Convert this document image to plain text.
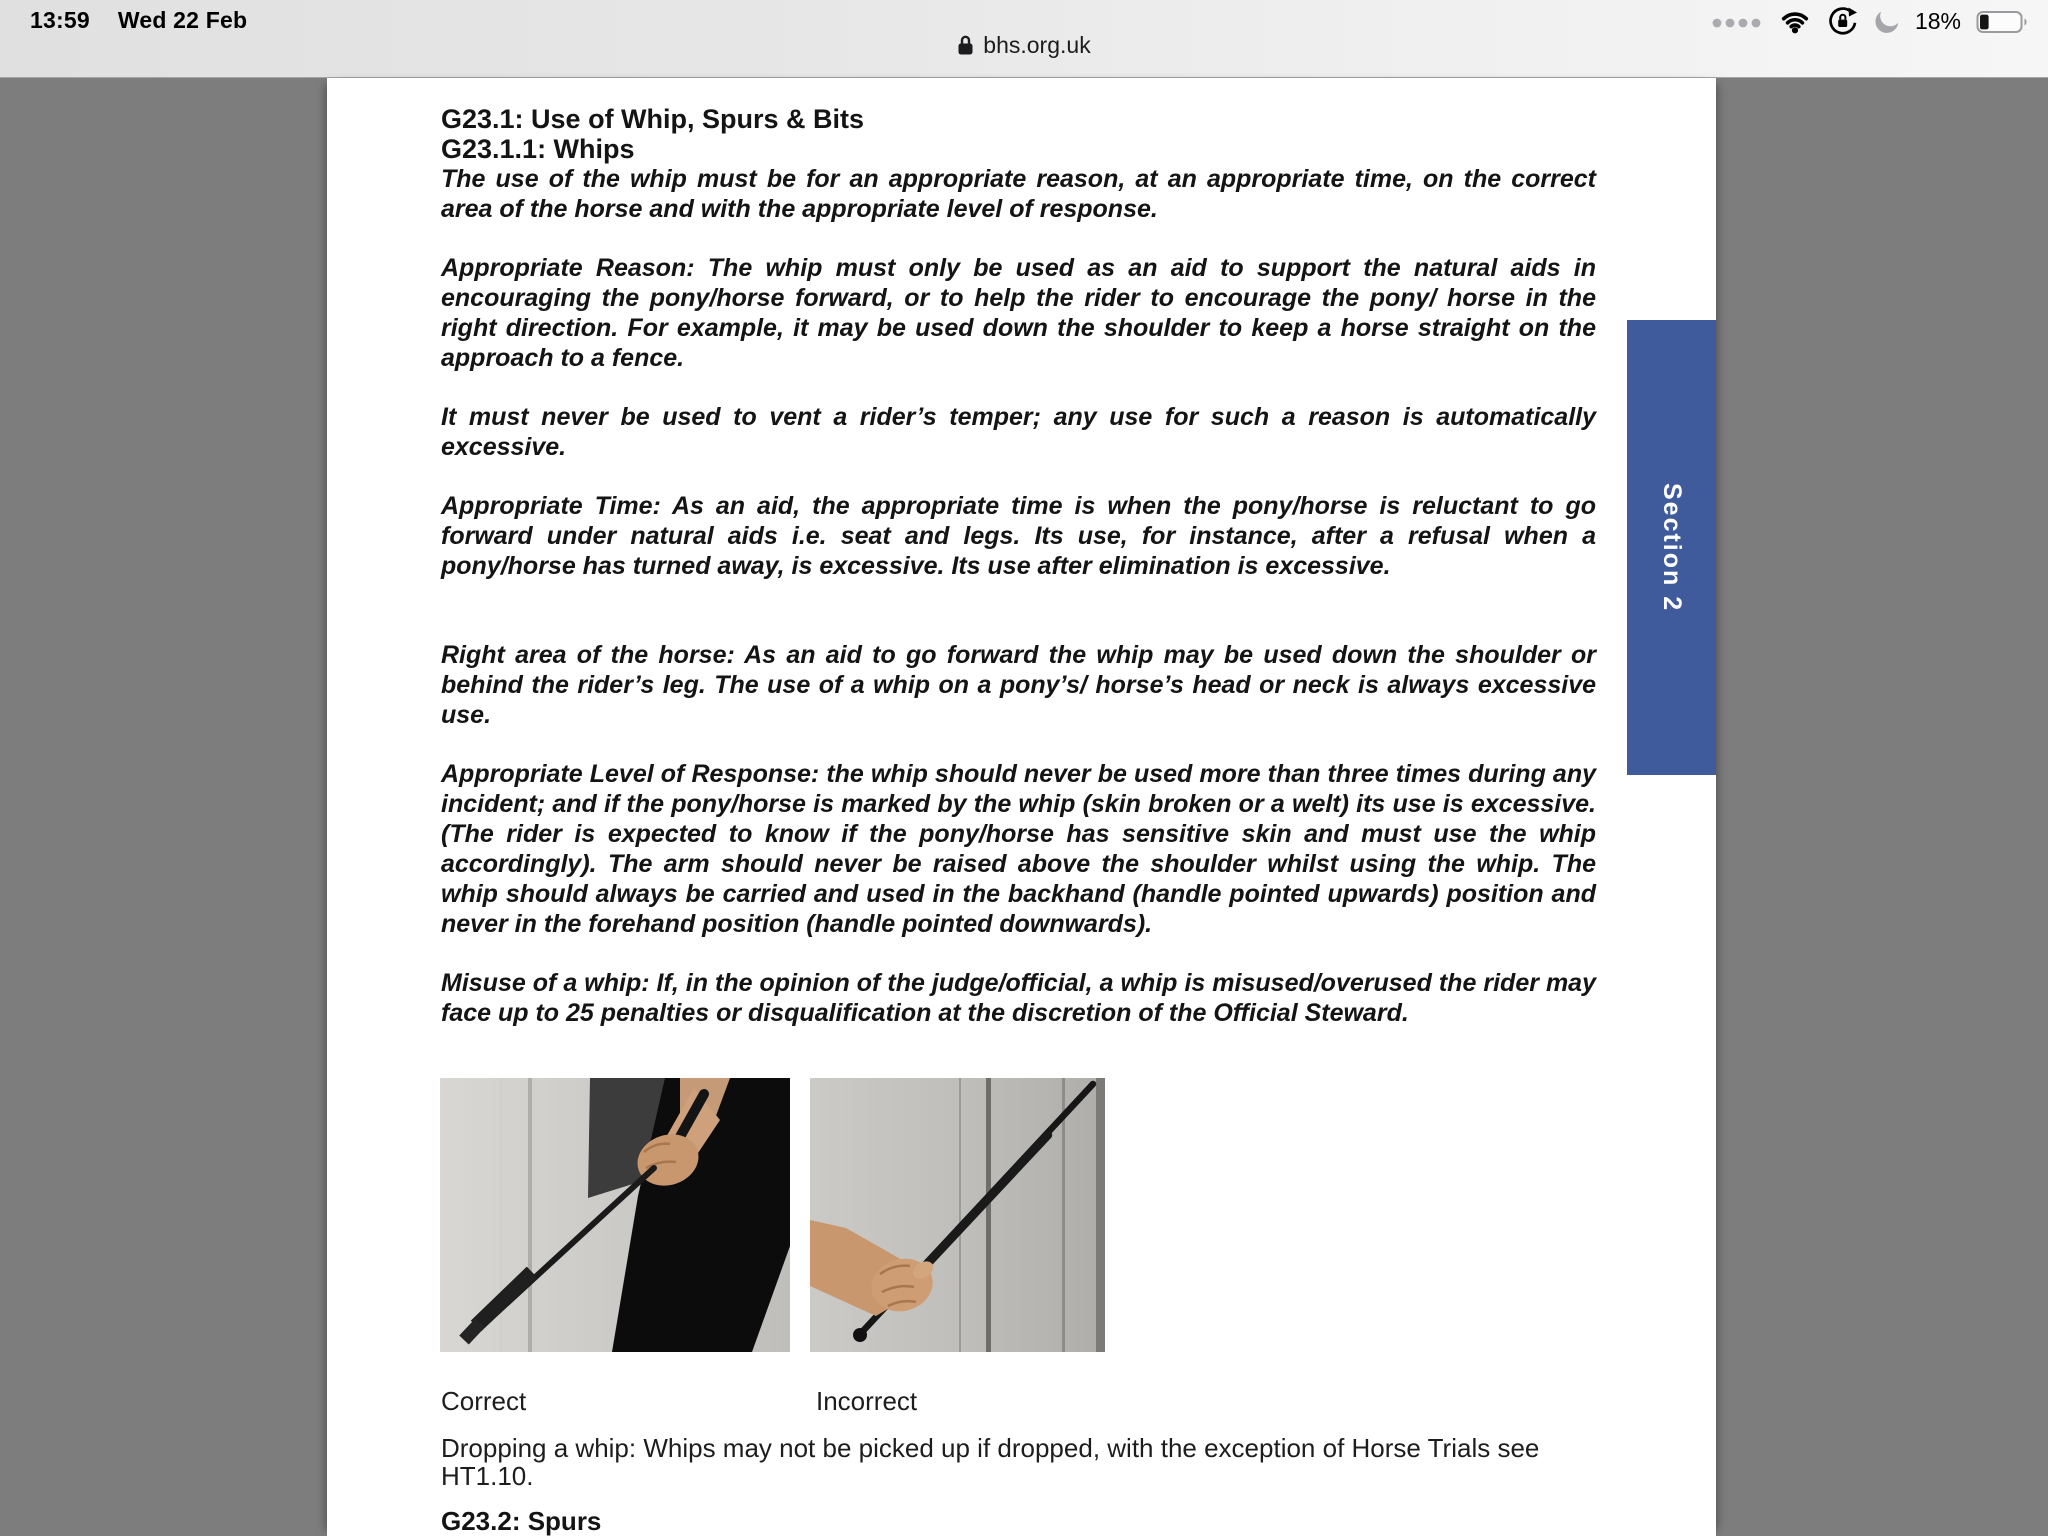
13:59 Wed 22 Feb	18%
bhs.org.uk
G23.1: Use of Whip, Spurs & Bits
G23.1.1: Whips

The use of the whip must be for an appropriate reason, at an appropriate time, on the correct area of the horse and with the appropriate level of response.

Appropriate Reason: The whip must only be used as an aid to support the natural aids in encouraging the pony/horse forward, or to help the rider to encourage the pony/ horse in the right direction. For example, it may be used down the shoulder to keep a horse straight on the approach to a fence.

It must never be used to vent a rider’s temper; any use for such a reason is automatically excessive.

Appropriate Time: As an aid, the appropriate time is when the pony/horse is reluctant to go forward under natural aids i.e. seat and legs. Its use, for instance, after a refusal when a pony/horse has turned away, is excessive. Its use after elimination is excessive.

Right area of the horse: As an aid to go forward the whip may be used down the shoulder or behind the rider’s leg. The use of a whip on a pony’s/ horse’s head or neck is always excessive use.

Appropriate Level of Response: the whip should never be used more than three times during any incident; and if the pony/horse is marked by the whip (skin broken or a welt) its use is excessive. (The rider is expected to know if the pony/horse has sensitive skin and must use the whip accordingly). The arm should never be raised above the shoulder whilst using the whip. The whip should always be carried and used in the backhand (handle pointed upwards) position and never in the forehand position (handle pointed downwards).

Misuse of a whip: If, in the opinion of the judge/official, a whip is misused/overused the rider may face up to 25 penalties or disqualification at the discretion of the Official Steward.

Correct	Incorrect

Dropping a whip: Whips may not be picked up if dropped, with the exception of Horse Trials see HT1.10.

G23.2: Spurs
Section 2
